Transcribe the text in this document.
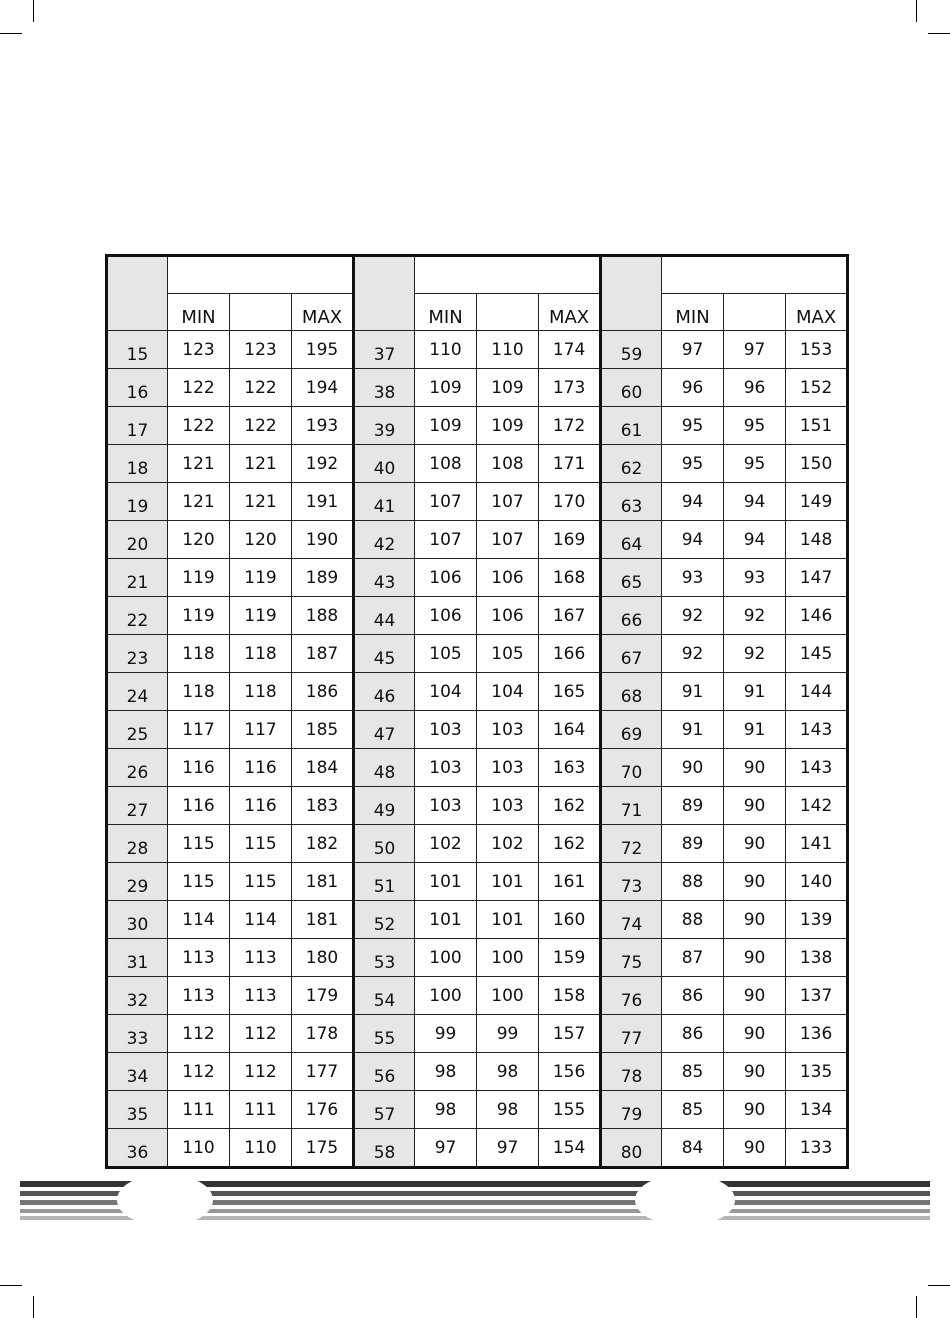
	MIN		MAX		MIN		MAX		MIN		MAX
15	123	123	195	37	110	110	174	59	97	97	153
16	122	122	194	38	109	109	173	60	96	96	152
17	122	122	193	39	109	109	172	61	95	95	151
18	121	121	192	40	108	108	171	62	95	95	150
19	121	121	191	41	107	107	170	63	94	94	149
20	120	120	190	42	107	107	169	64	94	94	148
21	119	119	189	43	106	106	168	65	93	93	147
22	119	119	188	44	106	106	167	66	92	92	146
23	118	118	187	45	105	105	166	67	92	92	145
24	118	118	186	46	104	104	165	68	91	91	144
25	117	117	185	47	103	103	164	69	91	91	143
26	116	116	184	48	103	103	163	70	90	90	143
27	116	116	183	49	103	103	162	71	89	90	142
28	115	115	182	50	102	102	162	72	89	90	141
29	115	115	181	51	101	101	161	73	88	90	140
30	114	114	181	52	101	101	160	74	88	90	139
31	113	113	180	53	100	100	159	75	87	90	138
32	113	113	179	54	100	100	158	76	86	90	137
33	112	112	178	55	99	99	157	77	86	90	136
34	112	112	177	56	98	98	156	78	85	90	135
35	111	111	176	57	98	98	155	79	85	90	134
36	110	110	175	58	97	97	154	80	84	90	133
